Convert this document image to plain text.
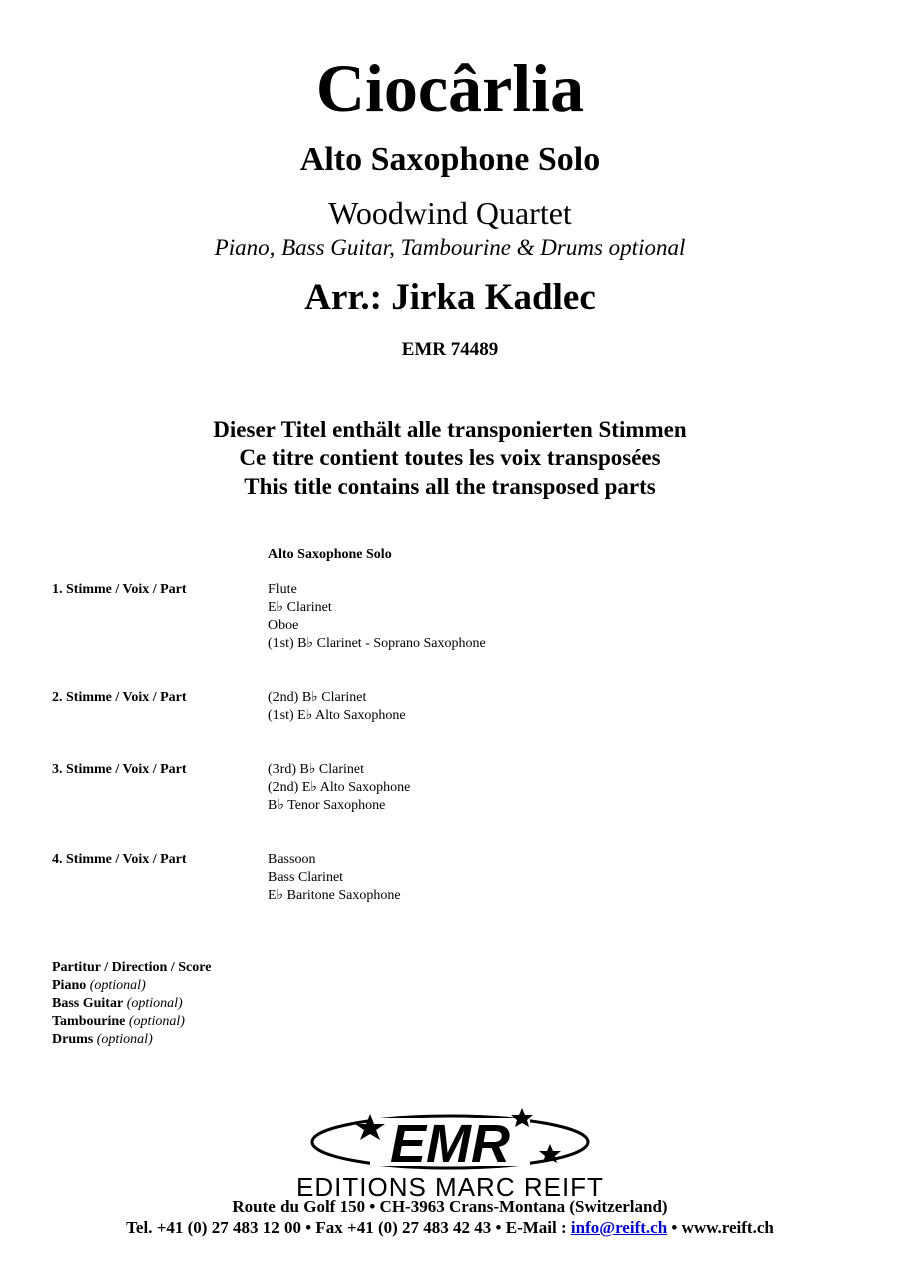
Ciocârlia
Alto Saxophone Solo
Woodwind Quartet
Piano, Bass Guitar, Tambourine & Drums optional
Arr.: Jirka Kadlec
EMR 74489
Dieser Titel enthält alle transponierten Stimmen
Ce titre contient toutes les voix transposées
This title contains all the transposed parts
Alto Saxophone Solo
1. Stimme / Voix / Part	Flute
E♭ Clarinet
Oboe
(1st) B♭ Clarinet - Soprano Saxophone
2. Stimme / Voix / Part	(2nd) B♭ Clarinet
(1st) E♭ Alto Saxophone
3. Stimme / Voix / Part	(3rd) B♭ Clarinet
(2nd) E♭ Alto Saxophone
B♭ Tenor Saxophone
4. Stimme / Voix / Part	Bassoon
Bass Clarinet
E♭ Baritone Saxophone
Partitur / Direction / Score
Piano (optional)
Bass Guitar (optional)
Tambourine (optional)
Drums (optional)
EMR
EDITIONS MARC REIFT
Route du Golf 150 • CH-3963 Crans-Montana (Switzerland)
Tel. +41 (0) 27 483 12 00 • Fax +41 (0) 27 483 42 43 • E-Mail : info@reift.ch • www.reift.ch
